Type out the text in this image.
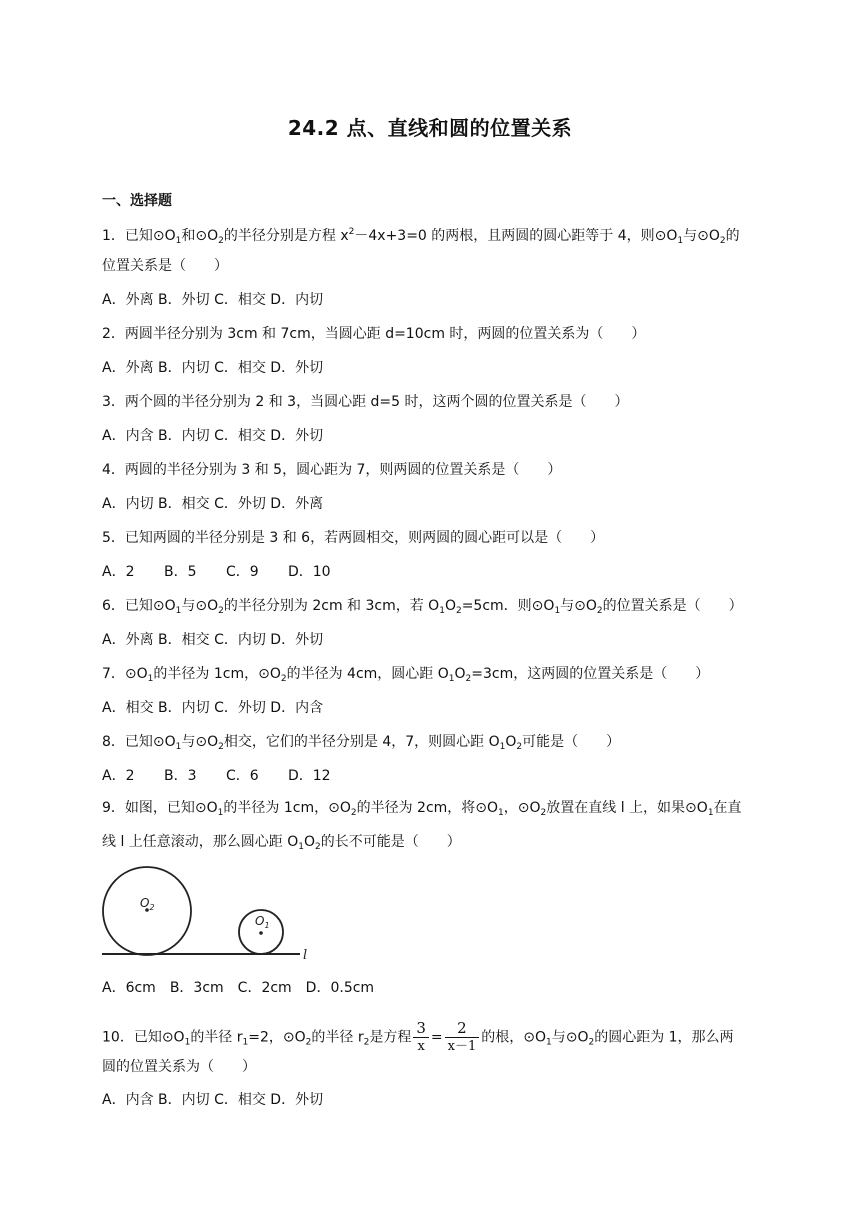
24.2 点、直线和圆的位置关系
一、选择题
1．已知$⊙O_1$和$⊙O_2$的半径分别是方程 $x^2-4x+3=0$ 的两根，且两圆的圆心距等于 4，则$⊙O_1$与$⊙O_2$的
位置关系是（　　）
A．外离 B．外切 C．相交 D．内切
2．两圆半径分别为 3cm 和 7cm，当圆心距 d=10cm 时，两圆的位置关系为（　　）
A．外离 B．内切 C．相交 D．外切
3．两个圆的半径分别为 2 和 3，当圆心距 d=5 时，这两个圆的位置关系是（　　）
A．内含 B．内切 C．相交 D．外切
4．两圆的半径分别为 3 和 5，圆心距为 7，则两圆的位置关系是（　　）
A．内切 B．相交 C．外切 D．外离
5．已知两圆的半径分别是 3 和 6，若两圆相交，则两圆的圆心距可以是（　　）
A．2 B．5 C．9 D．10
6．已知$⊙O_1$与$⊙O_2$的半径分别为 2cm 和 3cm，若 $O_1O_2=5cm$．则$⊙O_1$与$⊙O_2$的位置关系是（　　）
A．外离 B．相交 C．内切 D．外切
7．$⊙O_1$的半径为 1cm，$⊙O_2$的半径为 4cm，圆心距 $O_1O_2=3cm$，这两圆的位置关系是（　　）
A．相交 B．内切 C．外切 D．内含
8．已知$⊙O_1$与$⊙O_2$相交，它们的半径分别是 4，7，则圆心距 $O_1O_2$可能是（　　）
A．2 B．3 C．6 D．12
9．如图，已知$⊙O_1$的半径为 1cm，$⊙O_2$的半径为 2cm，将$⊙O_1$，$⊙O_2$放置在直线 l 上，如果$⊙O_1$在直
线 l 上任意滚动，那么圆心距 $O_1O_2$的长不可能是（　　）
$O_2$
$O_1$
l
A．6cm　B．3cm　C．2cm　D．0.5cm
10．已知$⊙O_1$的半径 $r_1=2$，$⊙O_2$的半径 $r_2$是方程 $\frac{3}{x} = \frac{2}{x-1}$ 的根，$⊙O_1$与$⊙O_2$的圆心距为 1，那么两
圆的位置关系为（　　）
A．内含 B．内切 C．相交 D．外切
